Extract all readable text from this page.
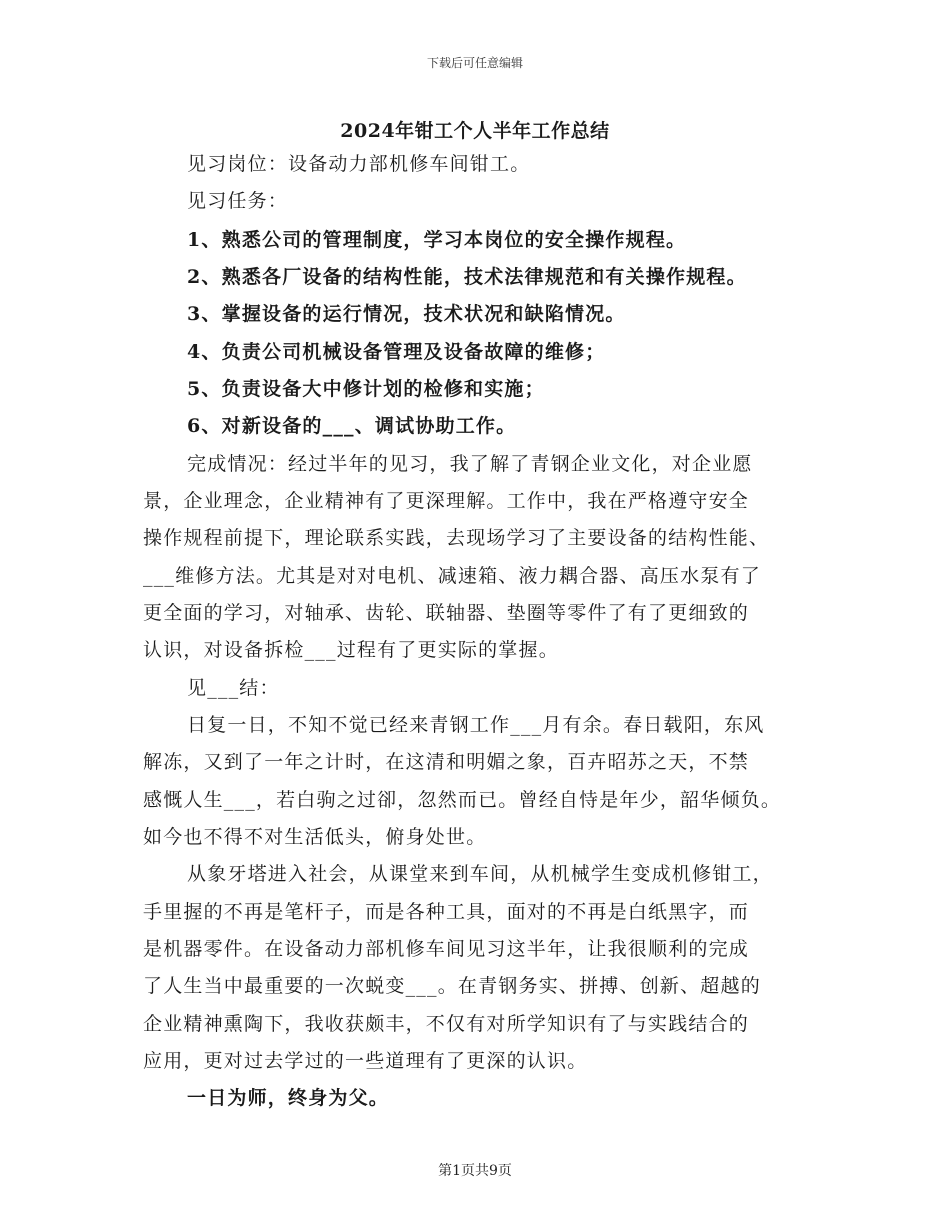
下载后可任意编辑
2024年钳工个人半年工作总结
见习岗位：设备动力部机修车间钳工。
见习任务：
1、熟悉公司的管理制度，学习本岗位的安全操作规程。
2、熟悉各厂设备的结构性能，技术法律规范和有关操作规程。
3、掌握设备的运行情况，技术状况和缺陷情况。
4、负责公司机械设备管理及设备故障的维修；
5、负责设备大中修计划的检修和实施；
6、对新设备的___、调试协助工作。
完成情况：经过半年的见习，我了解了青钢企业文化，对企业愿
景，企业理念，企业精神有了更深理解。工作中，我在严格遵守安全
操作规程前提下，理论联系实践，去现场学习了主要设备的结构性能、
___维修方法。尤其是对对电机、减速箱、液力耦合器、高压水泵有了
更全面的学习，对轴承、齿轮、联轴器、垫圈等零件了有了更细致的
认识，对设备拆检___过程有了更实际的掌握。
见___结：
日复一日，不知不觉已经来青钢工作___月有余。春日载阳，东风
解冻，又到了一年之计时，在这清和明媚之象，百卉昭苏之天，不禁
感慨人生___，若白驹之过卻，忽然而已。曾经自恃是年少，韶华倾负。
如今也不得不对生活低头，俯身处世。
从象牙塔进入社会，从课堂来到车间，从机械学生变成机修钳工，
手里握的不再是笔杆子，而是各种工具，面对的不再是白纸黑字，而
是机器零件。在设备动力部机修车间见习这半年，让我很顺利的完成
了人生当中最重要的一次蜕变___。在青钢务实、拼搏、创新、超越的
企业精神熏陶下，我收获颇丰，不仅有对所学知识有了与实践结合的
应用，更对过去学过的一些道理有了更深的认识。
一日为师，终身为父。
第1页共9页
